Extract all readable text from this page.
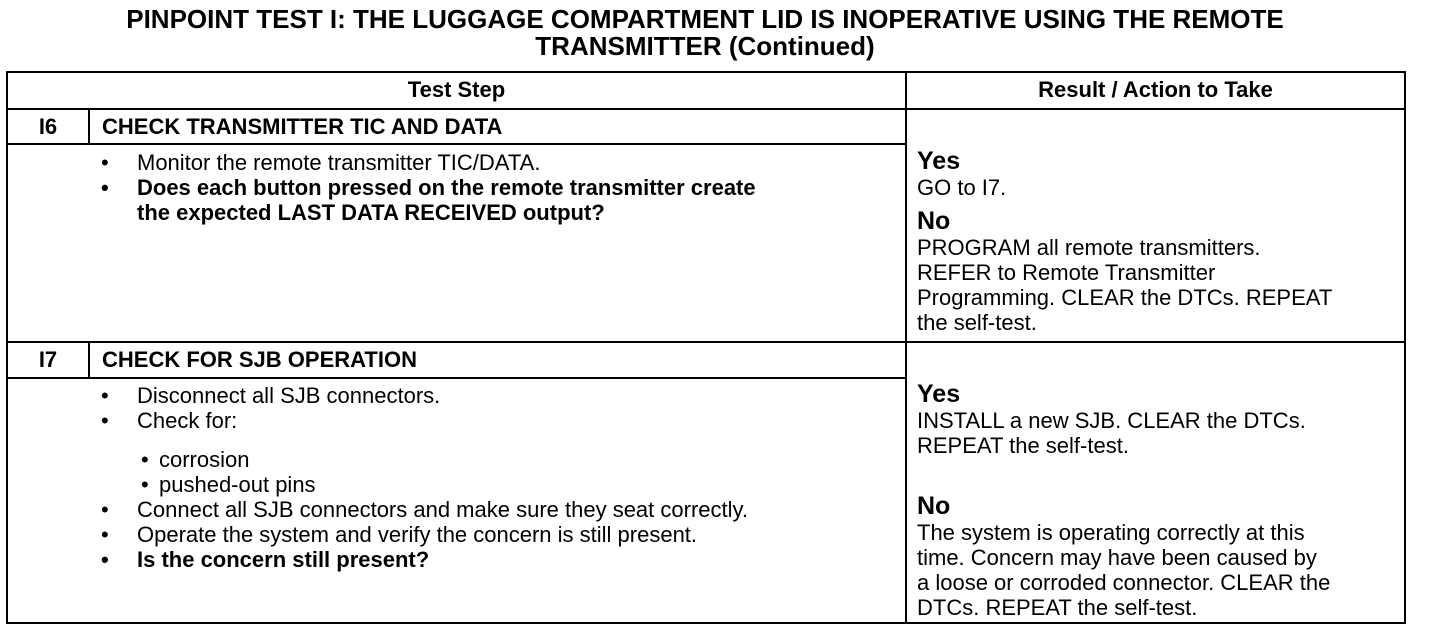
PINPOINT TEST I: THE LUGGAGE COMPARTMENT LID IS INOPERATIVE USING THE REMOTE
TRANSMITTER (Continued)
Test Step	Result / Action to Take
I6	CHECK TRANSMITTER TIC AND DATA
• Monitor the remote transmitter TIC/DATA.
• Does each button pressed on the remote transmitter create
the expected LAST DATA RECEIVED output?
Yes
GO to I7.
No
PROGRAM all remote transmitters.
REFER to Remote Transmitter
Programming. CLEAR the DTCs. REPEAT
the self-test.
I7	CHECK FOR SJB OPERATION
• Disconnect all SJB connectors.
• Check for:
• corrosion
• pushed-out pins
• Connect all SJB connectors and make sure they seat correctly.
• Operate the system and verify the concern is still present.
• Is the concern still present?
Yes
INSTALL a new SJB. CLEAR the DTCs.
REPEAT the self-test.
No
The system is operating correctly at this
time. Concern may have been caused by
a loose or corroded connector. CLEAR the
DTCs. REPEAT the self-test.
